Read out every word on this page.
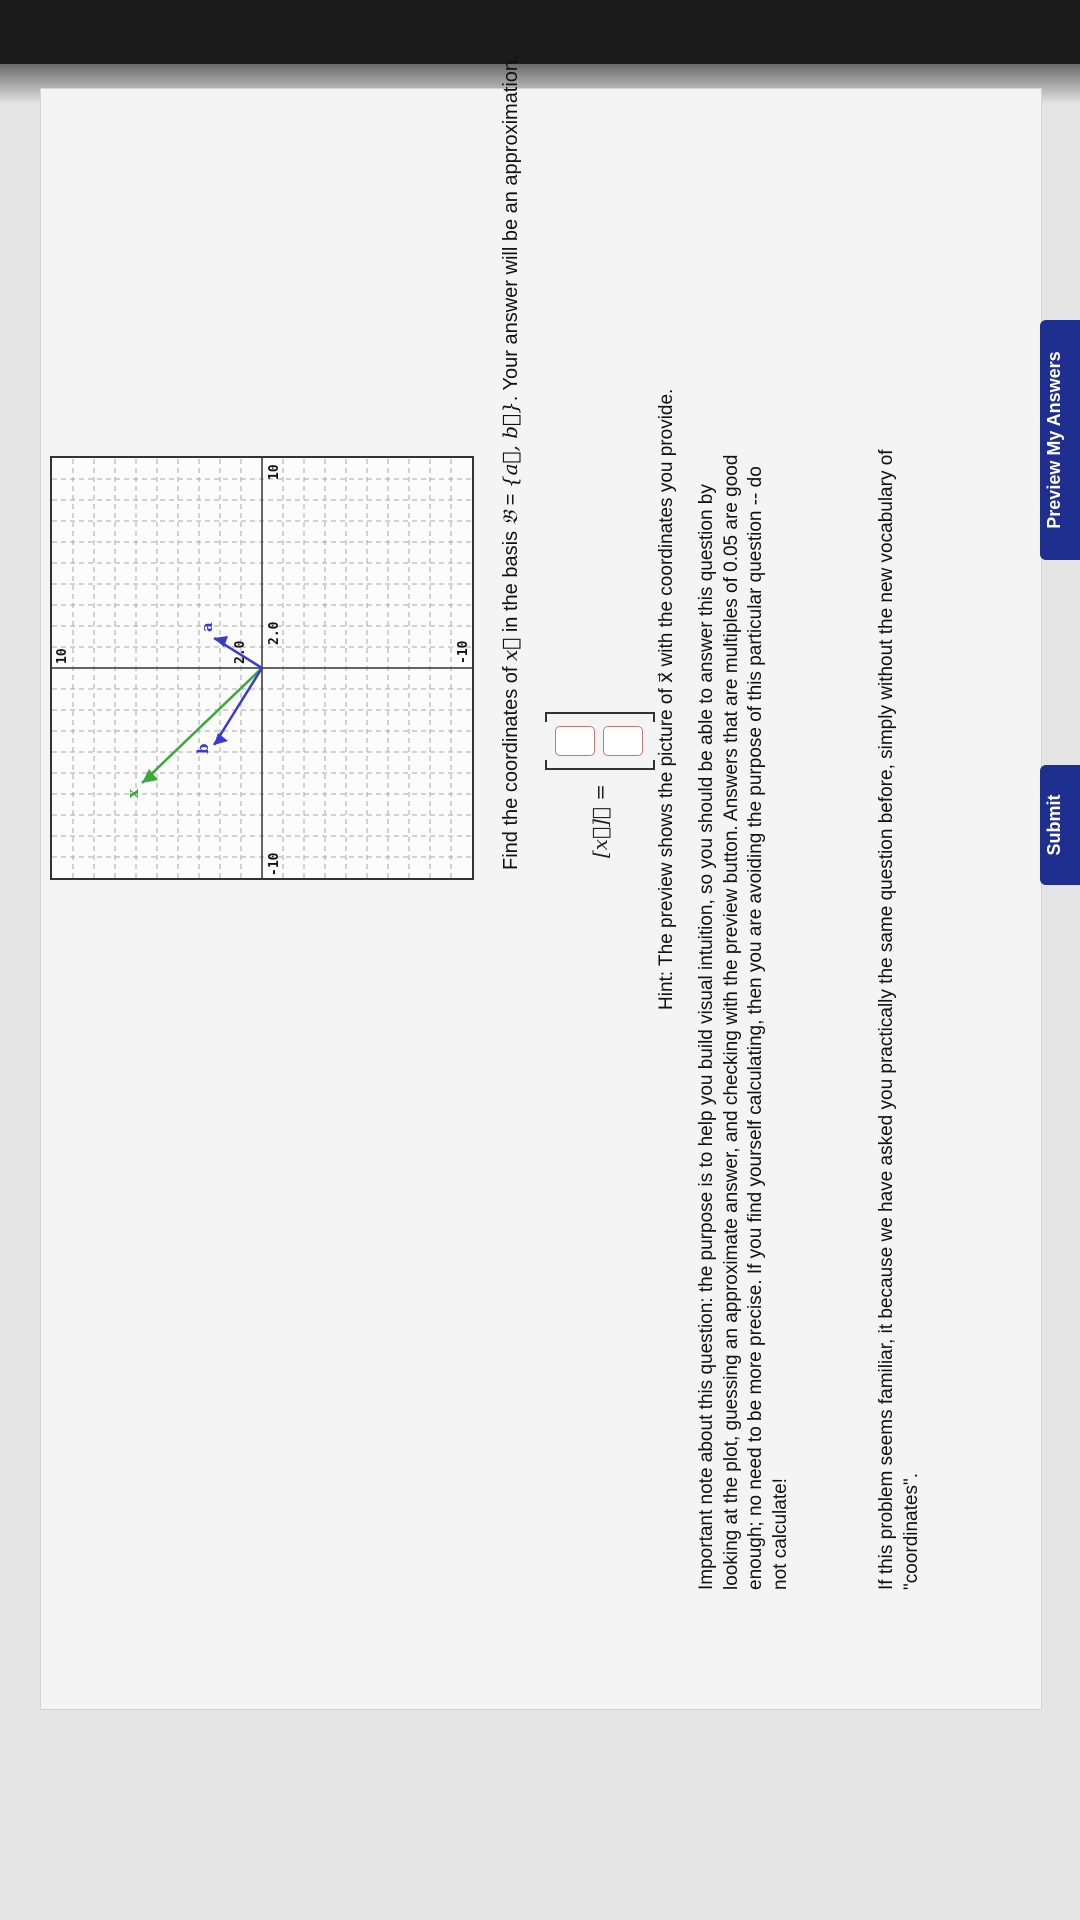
-10
10
10	-10
2.0
2.0
x
b
a
Find the coordinates of x⃗ in the basis 𝔅 = {a⃗, b⃗}. Your answer will be an approximation.
[x⃗]𝔅 = Hint: The preview shows the picture of x⃗ with the coordinates you provide. Important note about this question: the purpose is to help you build visual intuition, so you should be able to answer this question by looking at the plot, guessing an approximate answer, and checking with the preview button. Answers that are multiples of 0.05 are good enough; no need to be more precise. If you find yourself calculating, then you are avoiding the purpose of this particular question -- do not calculate!	If this problem seems familiar, it because we have asked you practically the same question before, simply without the new vocabulary of "coordinates".
Preview My Answers
Submit
